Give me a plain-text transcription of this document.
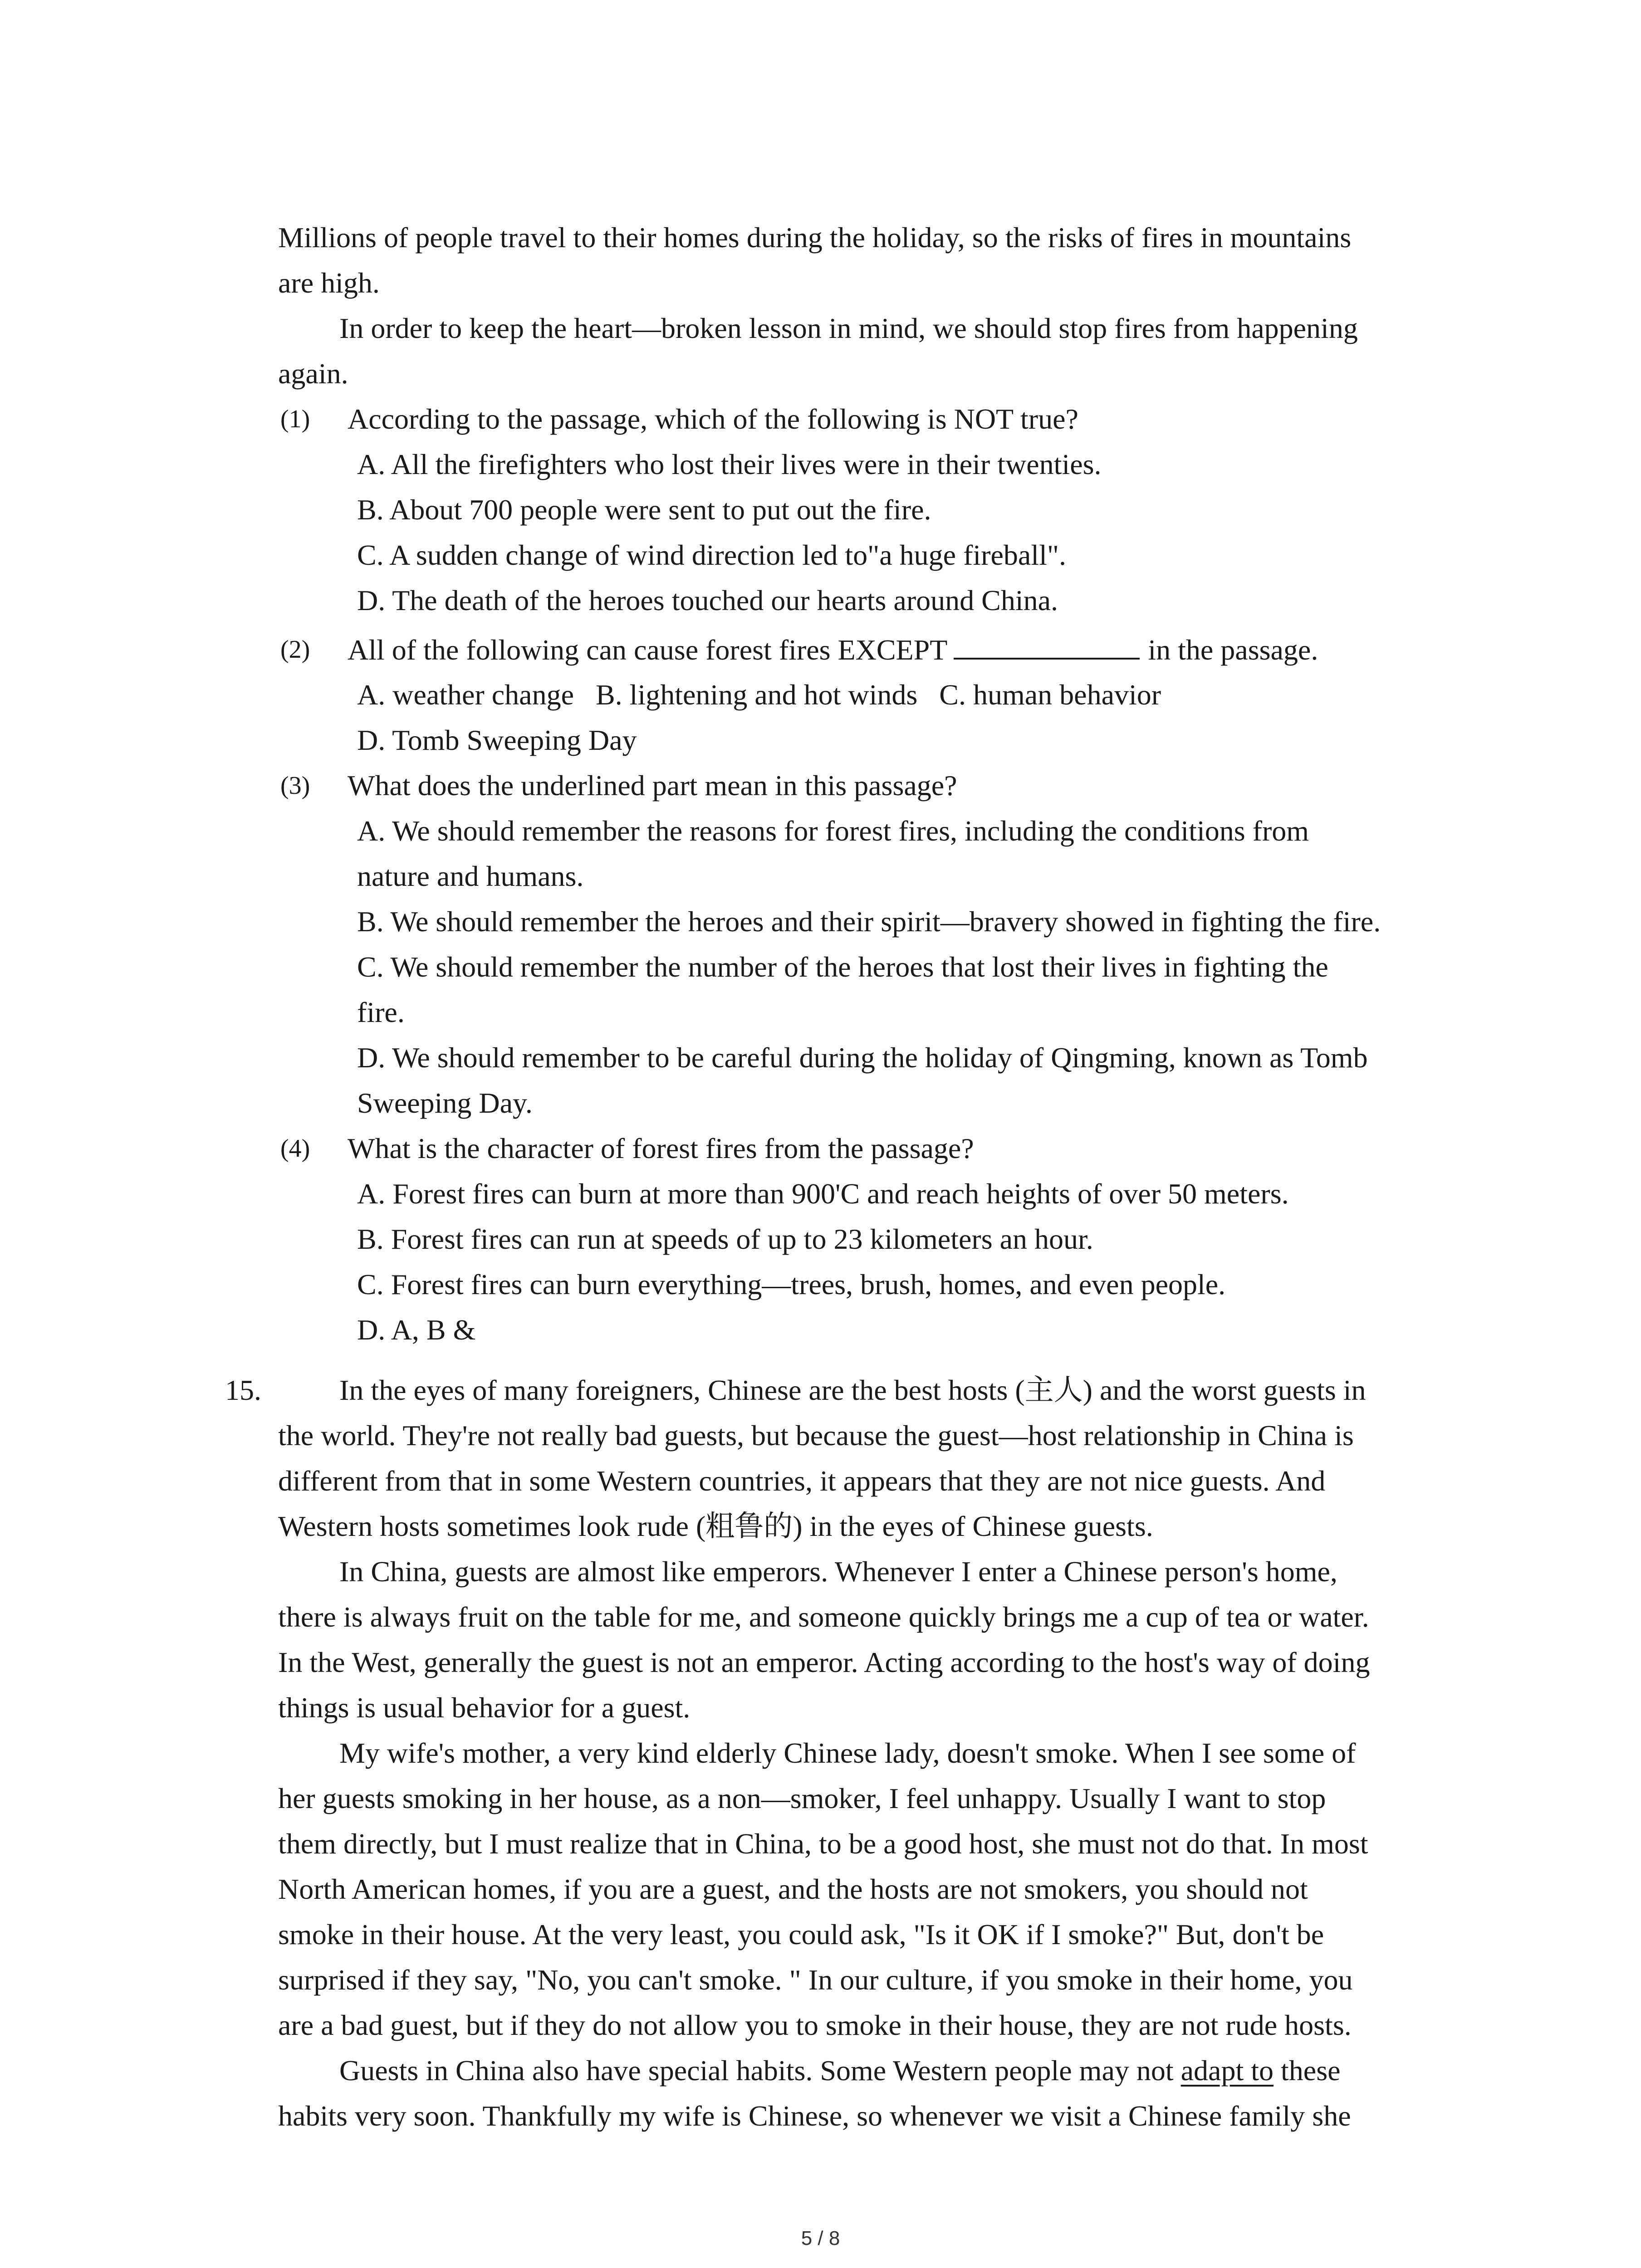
Millions of people travel to their homes during the holiday, so the risks of fires in mountains
are high.
In order to keep the heart—broken lesson in mind, we should stop fires from happening
again.
(1) According to the passage, which of the following is NOT true?
A. All the firefighters who lost their lives were in their twenties.
B. About 700 people were sent to put out the fire.
C. A sudden change of wind direction led to"a huge fireball".
D. The death of the heroes touched our hearts around China.
(2) All of the following can cause forest fires EXCEPT	in the passage.
A. weather change   B. lightening and hot winds   C. human behavior
D. Tomb Sweeping Day
(3) What does the underlined part mean in this passage?
A. We should remember the reasons for forest fires, including the conditions from
nature and humans.
B. We should remember the heroes and their spirit—bravery showed in fighting the fire.
C. We should remember the number of the heroes that lost their lives in fighting the
fire.
D. We should remember to be careful during the holiday of Qingming, known as Tomb
Sweeping Day.
(4) What is the character of forest fires from the passage?
A. Forest fires can burn at more than 900'C and reach heights of over 50 meters.
B. Forest fires can run at speeds of up to 23 kilometers an hour.
C. Forest fires can burn everything—trees, brush, homes, and even people.
D. A, B &
15.	In the eyes of many foreigners, Chinese are the best hosts (主人) and the worst guests in
the world. They're not really bad guests, but because the guest—host relationship in China is
different from that in some Western countries, it appears that they are not nice guests. And
Western hosts sometimes look rude (粗鲁的) in the eyes of Chinese guests.
In China, guests are almost like emperors. Whenever I enter a Chinese person's home,
there is always fruit on the table for me, and someone quickly brings me a cup of tea or water.
In the West, generally the guest is not an emperor. Acting according to the host's way of doing
things is usual behavior for a guest.
My wife's mother, a very kind elderly Chinese lady, doesn't smoke. When I see some of
her guests smoking in her house, as a non—smoker, I feel unhappy. Usually I want to stop
them directly, but I must realize that in China, to be a good host, she must not do that. In most
North American homes, if you are a guest, and the hosts are not smokers, you should not
smoke in their house. At the very least, you could ask, "Is it OK if I smoke?" But, don't be
surprised if they say, "No, you can't smoke. " In our culture, if you smoke in their home, you
are a bad guest, but if they do not allow you to smoke in their house, they are not rude hosts.
Guests in China also have special habits. Some Western people may not adapt to these
habits very soon. Thankfully my wife is Chinese, so whenever we visit a Chinese family she
5 / 8
